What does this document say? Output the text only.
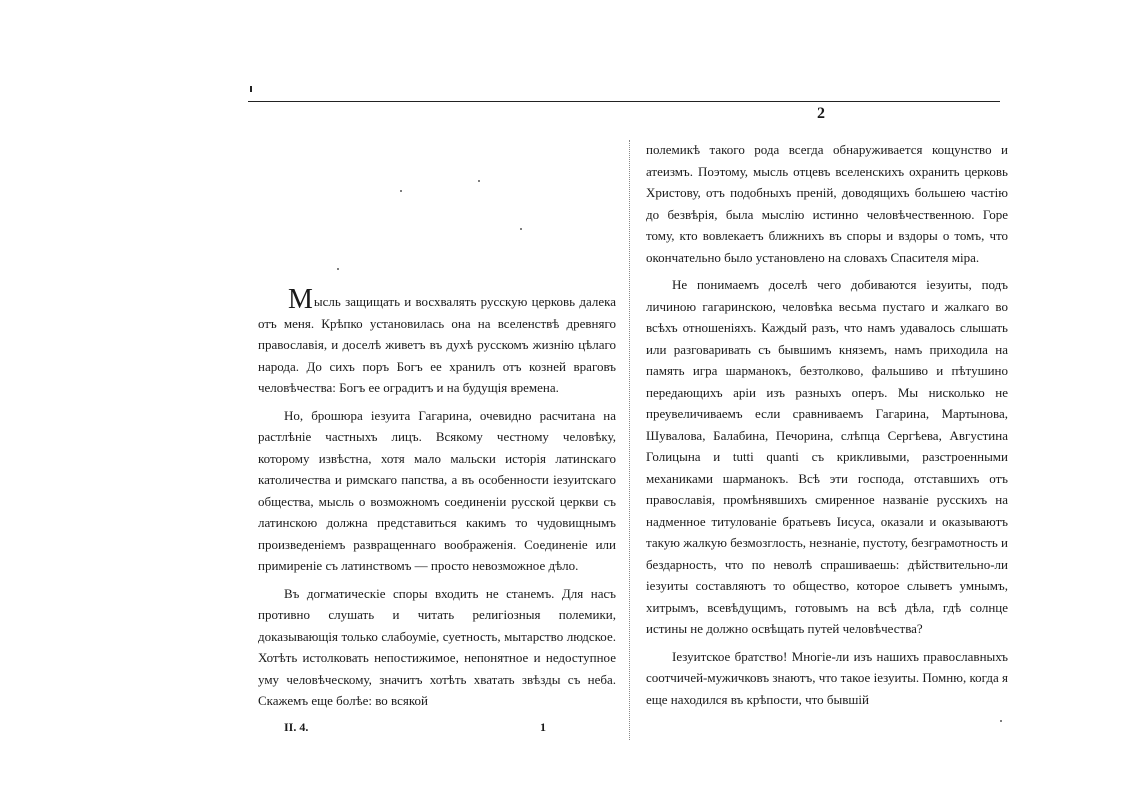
2

Мысль защищать и восхвалять русскую церковь далека отъ меня. Крѣпко установилась она на вселенствѣ древняго православія, и доселѣ живетъ въ духѣ русскомъ жизнію цѣлаго народа. До сихъ поръ Богъ ее хранилъ отъ козней враговъ человѣчества: Богъ ее оградитъ и на будущія времена.

Но, брошюра iезуита Гагарина, очевидно расчитана на растлѣніе частныхъ лицъ. Всякому честному человѣку, которому извѣстна, хотя мало мальски исторія латинскаго католичества и римскаго папства, а въ особенности iезуитскаго общества, мысль о возможномъ соединеніи русской церкви съ латинскою должна представиться какимъ то чудовищнымъ произведеніемъ развращеннаго воображенія. Соединеніе или примиреніе съ латинствомъ — просто невозможное дѣло.

Въ догматическіе споры входить не станемъ. Для насъ противно слушать и читать религіозныя полемики, доказывающія только слабоуміе, суетность, мытарство людское. Хотѣть истолковать непостижимое, непонятное и недоступное уму человѣческому, значитъ хотѣть хватать звѣзды съ неба. Скажемъ еще болѣе: во всякой

полемикѣ такого рода всегда обнаруживается кощунство и атеизмъ. Поэтому, мысль отцевъ вселенскихъ охранить церковь Христову, отъ подобныхъ преній, доводящихъ большею частію до безвѣрія, была мыслію истинно человѣчественною. Горе тому, кто вовлекаетъ ближнихъ въ споры и вздоры о томъ, что окончательно было установлено на словахъ Спасителя міра.

Не понимаемъ доселѣ чего добиваются iезуиты, подъ личиною гагаринскою, человѣка весьма пустаго и жалкаго во всѣхъ отношеніяхъ. Каждый разъ, что намъ удавалось слышать или разговаривать съ бывшимъ княземъ, намъ приходила на память игра шарманокъ, безтолково, фальшиво и пѣтушино передающихъ аріи изъ разныхъ оперъ. Мы нисколько не преувеличиваемъ если сравниваемъ Гагарина, Мартынова, Шувалова, Балабина, Печорина, слѣпца Сергѣева, Августина Голицына и tutti quanti съ крикливыми, разстроенными механиками шарманокъ. Всѣ эти господа, отставшихъ отъ православія, промѣнявшихъ смиренное названіе русскихъ на надменное титулованіе братьевъ Іисуса, оказали и оказываютъ такую жалкую безмозглость, незнаніе, пустоту, безграмотность и бездарность, что по неволѣ спрашиваешь: дѣйствительно-ли iезуиты составляютъ то общество, которое слыветъ умнымъ, хитрымъ, всевѣдущимъ, готовымъ на всѣ дѣла, гдѣ солнце истины не должно освѣщать путей человѣчества?

Iезуитское братство! Многіе-ли изъ нашихъ православныхъ соотчичей-мужичковъ знаютъ, что такое iезуиты. Помню, когда я еще находился въ крѣпости, что бывшій

II. 4.	1
